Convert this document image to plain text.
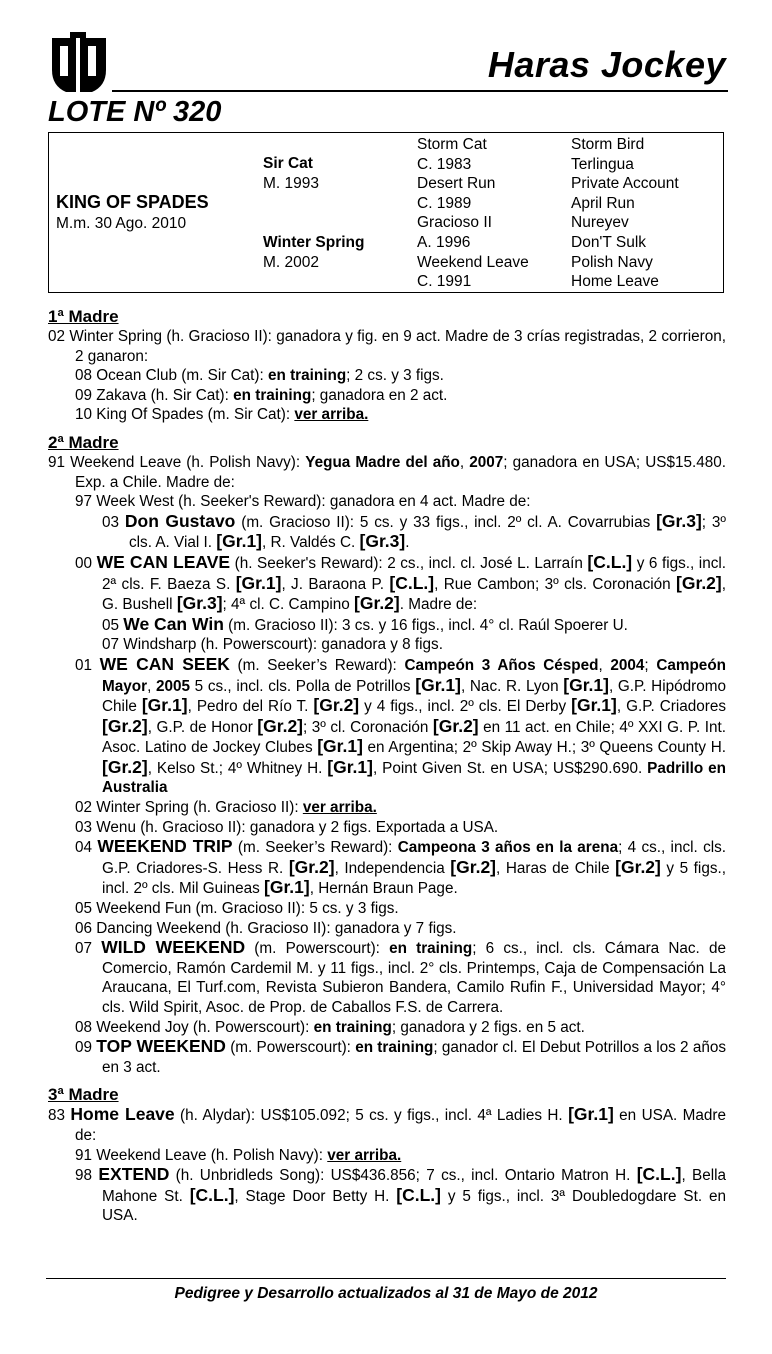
Haras Jockey
LOTE Nº 320
KING OF SPADES
M.m. 30 Ago. 2010
Sir Cat
M. 1993
Winter Spring
M. 2002
Storm Cat
C. 1983
Desert Run
C. 1989
Gracioso II
A. 1996
Weekend Leave
C. 1991
Storm Bird
Terlingua
Private Account
April Run
Nureyev
Don'T Sulk
Polish Navy
Home Leave
1ª Madre
02 Winter Spring (h. Gracioso II): ganadora y fig. en 9 act. Madre de 3 crías registradas, 2 corrieron, 2 ganaron:
08 Ocean Club (m. Sir Cat): en training; 2 cs. y 3 figs.
09 Zakava (h. Sir Cat): en training; ganadora en 2 act.
10 King Of Spades (m. Sir Cat): ver arriba.
2ª Madre
91 Weekend Leave (h. Polish Navy): Yegua Madre del año, 2007; ganadora en USA; US$15.480. Exp. a Chile. Madre de:
97 Week West (h. Seeker's Reward): ganadora en 4 act. Madre de:
03 Don Gustavo (m. Gracioso II): 5 cs. y 33 figs., incl. 2º cl. A. Covarrubias [Gr.3]; 3º cls. A. Vial I. [Gr.1], R. Valdés C. [Gr.3].
00 WE CAN LEAVE (h. Seeker's Reward): 2 cs., incl. cl. José L. Larraín [C.L.] y 6 figs., incl. 2ª cls. F. Baeza S. [Gr.1], J. Baraona P. [C.L.], Rue Cambon; 3º cls. Coronación [Gr.2], G. Bushell [Gr.3]; 4ª cl. C. Campino [Gr.2]. Madre de:
05 We Can Win (m. Gracioso II): 3 cs. y 16 figs., incl. 4° cl. Raúl Spoerer U.
07 Windsharp (h. Powerscourt): ganadora y 8 figs.
01 WE CAN SEEK (m. Seeker’s Reward): Campeón 3 Años Césped, 2004; Campeón Mayor, 2005 5 cs., incl. cls. Polla de Potrillos [Gr.1], Nac. R. Lyon [Gr.1], G.P. Hipódromo Chile [Gr.1], Pedro del Río T. [Gr.2] y 4 figs., incl. 2º cls. El Derby [Gr.1], G.P. Criadores [Gr.2], G.P. de Honor [Gr.2]; 3º cl. Coronación [Gr.2] en 11 act. en Chile; 4º XXI G. P. Int. Asoc. Latino de Jockey Clubes [Gr.1] en Argentina; 2º Skip Away H.; 3º Queens County H. [Gr.2], Kelso St.; 4º Whitney H. [Gr.1], Point Given St. en USA; US$290.690. Padrillo en Australia
02 Winter Spring (h. Gracioso II): ver arriba.
03 Wenu (h. Gracioso II): ganadora y 2 figs. Exportada a USA.
04 WEEKEND TRIP (m. Seeker’s Reward): Campeona 3 años en la arena; 4 cs., incl. cls. G.P. Criadores-S. Hess R. [Gr.2], Independencia [Gr.2], Haras de Chile [Gr.2] y 5 figs., incl. 2º cls. Mil Guineas [Gr.1], Hernán Braun Page.
05 Weekend Fun (m. Gracioso II): 5 cs. y 3 figs.
06 Dancing Weekend (h. Gracioso II): ganadora y 7 figs.
07 WILD WEEKEND (m. Powerscourt): en training; 6 cs., incl. cls. Cámara Nac. de Comercio, Ramón Cardemil M. y 11 figs., incl. 2° cls. Printemps, Caja de Compensación La Araucana, El Turf.com, Revista Subieron Bandera, Camilo Rufin F., Universidad Mayor; 4° cls. Wild Spirit, Asoc. de Prop. de Caballos F.S. de Carrera.
08 Weekend Joy (h. Powerscourt): en training; ganadora y 2 figs. en 5 act.
09 TOP WEEKEND (m. Powerscourt): en training; ganador cl. El Debut Potrillos a los 2 años en 3 act.
3ª Madre
83 Home Leave (h. Alydar): US$105.092; 5 cs. y figs., incl. 4ª Ladies H. [Gr.1] en USA. Madre de:
91 Weekend Leave (h. Polish Navy): ver arriba.
98 EXTEND (h. Unbridleds Song): US$436.856; 7 cs., incl. Ontario Matron H. [C.L.], Bella Mahone St. [C.L.], Stage Door Betty H. [C.L.] y 5 figs., incl. 3ª Doubledogdare St. en USA.
Pedigree y Desarrollo actualizados al 31 de Mayo de 2012
